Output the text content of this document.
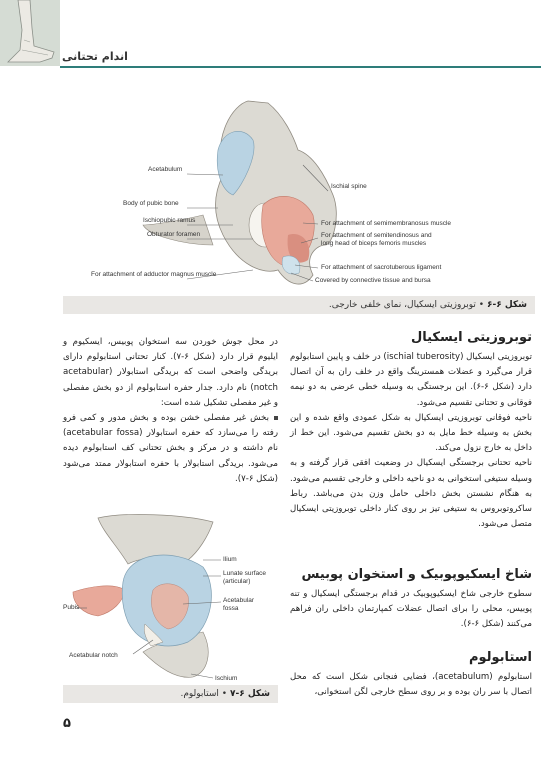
اندام تحتانی
Acetabulum
Body of pubic bone
Ischiopubic ramus
Obturator foramen
For attachment of adductor magnus muscle
Ischial spine
For attachment of semimembranosus muscle
For attachment of semitendinosus and
long head of biceps femoris muscles
For attachment of sacrotuberous ligament
Covered by connective tissue and bursa
شکل ۶-۶ • توبروزیتی ایسکیال، نمای خلفی خارجی.
توبروزیتی ایسکیال

توبروزیتی ایسکیال (ischial tuberosity) در خلف و پایین استابولوم قرار می‌گیرد و عضلات همسترینگ واقع در خلف ران به آن اتصال دارد (شکل ۶-۶). این برجستگی به وسیله خطی عرضی به دو نیمه فوقانی و تحتانی تقسیم می‌شود.

ناحیه فوقانی توبروزیتی ایسکیال به شکل عمودی واقع شده و این بخش به وسیله خط مایل به دو بخش تقسیم می‌شود. این خط از داخل به خارج نزول می‌کند.

ناحیه تحتانی برجستگی ایسکیال در وضعیت افقی قرار گرفته و به وسیله ستیغی استخوانی به دو ناحیه داخلی و خارجی تقسیم می‌شود. به هنگام نشستن بخش داخلی حامل وزن بدن می‌باشد. رباط ساکروتوبروس به ستیغی تیز بر روی کنار داخلی توبروزیتی ایسکیال متصل می‌شود.

شاخ ایسکیوپوبیک و استخوان پوبیس
سطوح خارجی شاخ ایسکیوپوبیک در قدام برجستگی ایسکیال و تنه پوبیس، محلی را برای اتصال عضلات کمپارتمان داخلی ران فراهم می‌کنند (شکل ۶-۶).
استابولوم
استابولوم (acetabulum)، فضایی فنجانی شکل است که محل اتصال با سر ران بوده و بر روی سطح خارجی لگن استخوانی،

در محل جوش خوردن سه استخوان پوبیس، ایسکیوم و ایلیوم قرار دارد (شکل ۶-۷). کنار تحتانی استابولوم دارای بریدگی واضحی است که بریدگی استابولار (acetabular notch) نام دارد. جدار حفره استابولوم از دو بخش مفصلی و غیر مفصلی تشکیل شده است:

بخش غیر مفصلی خشن بوده و بخش مدور و کمی فرو رفته را می‌سازد که حفره استابولار (acetabular fossa) نام داشته و در مرکز و بخش تحتانی کف استابولوم دیده می‌شود. بریدگی استابولار با حفره استابولار ممتد می‌شود (شکل ۶-۷).

Ilium
Lunate surface
(articular)
Acetabular
fossa
Pubis
Acetabular notch
Ischium
شکل ۶-۷ • استابولوم.
۵
